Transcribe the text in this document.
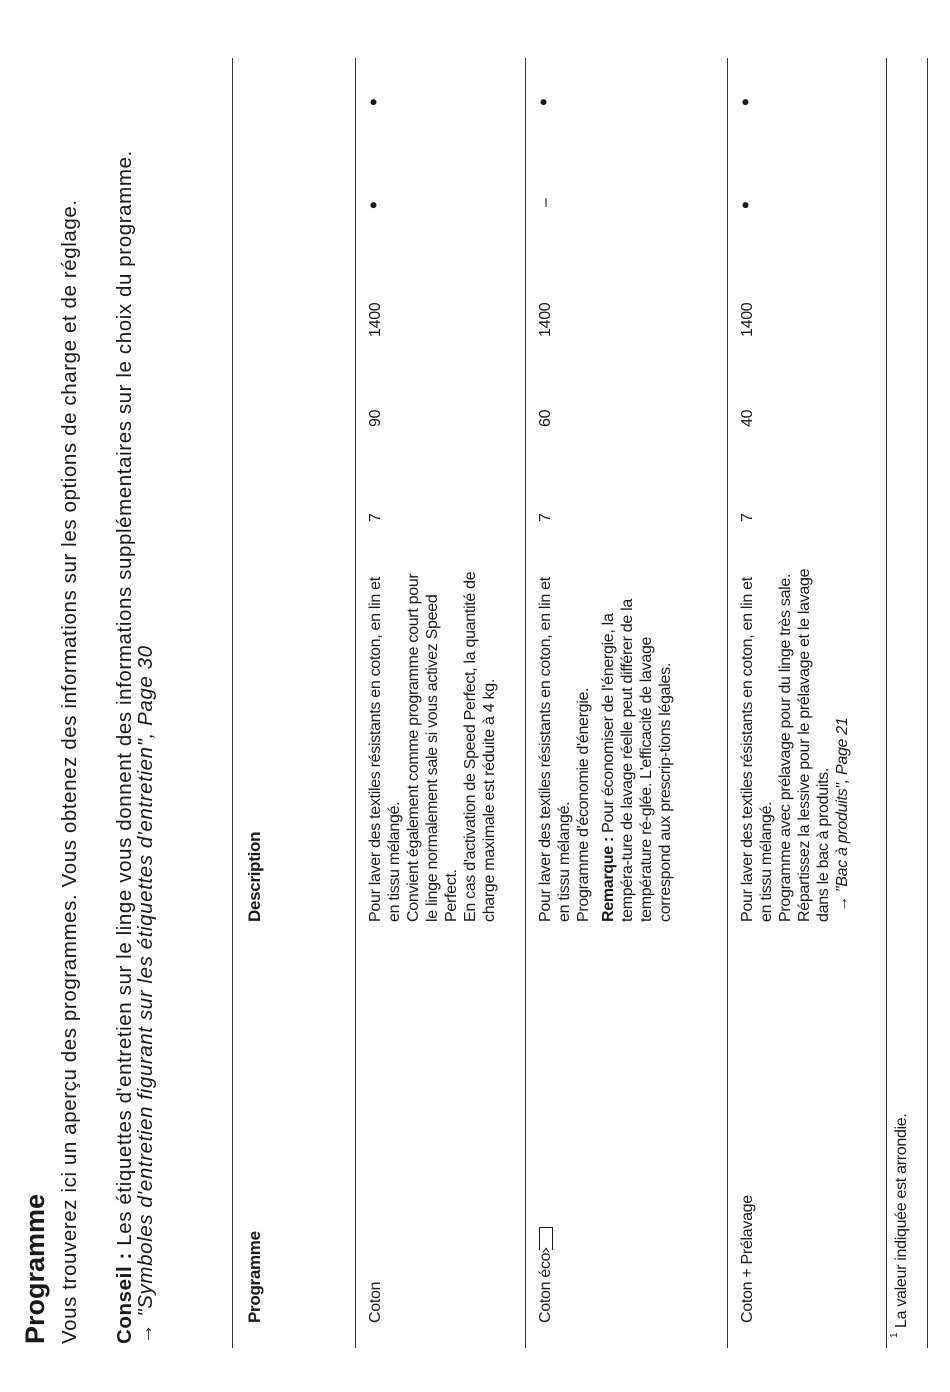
Programme Vous trouverez ici un aperçu des programmes. Vous obtenez des informations sur les options de charge et de réglage. Conseil : Les étiquettes d'entretien sur le linge vous donnent des informations supplémentaires sur le choix du programme.
→ "Symboles d'entretien figurant sur les étiquettes d'entretien", Page 30	Programme
Description
Coton

Pour laver des textiles résistants en coton, en lin et en tissu mélangé. Convient également comme programme court pour le linge normalement sale si vous activez Speed Perfect. En cas d'activation de Speed Perfect, la quantité de charge maximale est réduite à 4 kg.

7
90
1400
•
•
Coton éco

Pour laver des textiles résistants en coton, en lin et en tissu mélangé. Programme d'économie d'énergie. Remarque : Pour économiser de l'énergie, la tempéra-ture de lavage réelle peut différer de la température ré-glée. L'efficacité de lavage correspond aux prescrip-tions légales.

7
60
1400
–
•
Coton + Prélavage

Pour laver des textiles résistants en coton, en lin et en tissu mélangé. Programme avec prélavage pour du linge très sale. Répartissez la lessive pour le prélavage et le lavage dans le bac à produits. → "Bac à produits", Page 21

7
40
1400
•
•
1
La valeur indiquée est arrondie.
